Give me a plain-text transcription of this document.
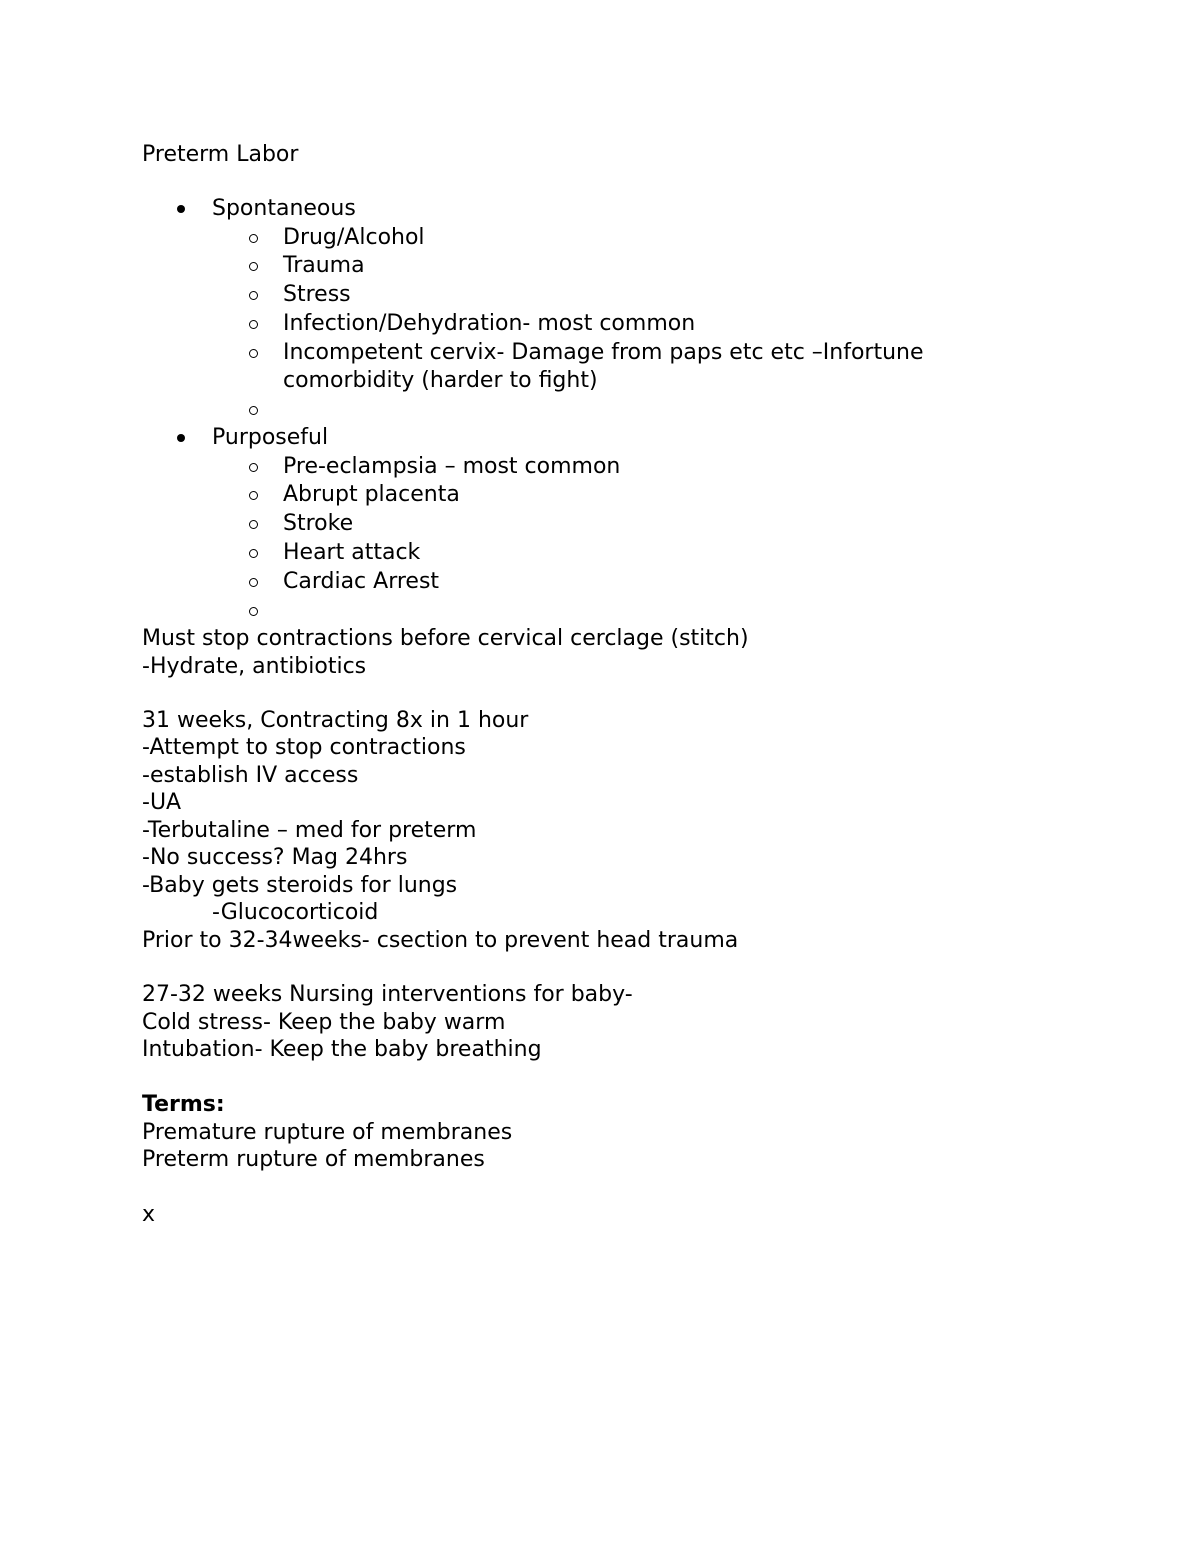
Preterm Labor
Spontaneous
Drug/Alcohol
Trauma
Stress
Infection/Dehydration- most common
Incompetent cervix- Damage from paps etc etc –Infortune
comorbidity (harder to fight)
Purposeful
Pre-eclampsia – most common
Abrupt placenta
Stroke
Heart attack
Cardiac Arrest
Must stop contractions before cervical cerclage (stitch)
-Hydrate, antibiotics
31 weeks, Contracting 8x in 1 hour
-Attempt to stop contractions
-establish IV access
-UA
-Terbutaline – med for preterm
-No success? Mag 24hrs
-Baby gets steroids for lungs
-Glucocorticoid
Prior to 32-34weeks- csection to prevent head trauma
27-32 weeks Nursing interventions for baby-
Cold stress- Keep the baby warm
Intubation- Keep the baby breathing
Terms:
Premature rupture of membranes
Preterm rupture of membranes
x
